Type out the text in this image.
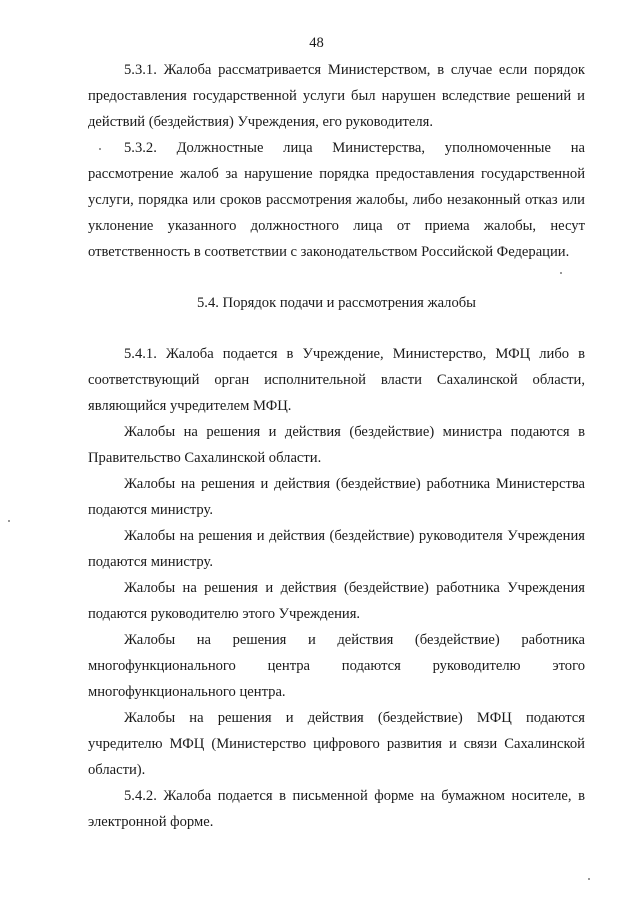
48

5.3.1. Жалоба рассматривается Министерством, в случае если порядок предоставления государственной услуги был нарушен вследствие решений и действий (бездействия) Учреждения, его руководителя.

5.3.2. Должностные лица Министерства, уполномоченные на рассмотрение жалоб за нарушение порядка предоставления государственной услуги, порядка или сроков рассмотрения жалобы, либо незаконный отказ или уклонение указанного должностного лица от приема жалобы, несут ответственность в соответствии с законодательством Российской Федерации.

5.4. Порядок подачи и рассмотрения жалобы

5.4.1. Жалоба подается в Учреждение, Министерство, МФЦ либо в соответствующий орган исполнительной власти Сахалинской области, являющийся учредителем МФЦ.

Жалобы на решения и действия (бездействие) министра подаются в Правительство Сахалинской области.

Жалобы на решения и действия (бездействие) работника Министерства подаются министру.

Жалобы на решения и действия (бездействие) руководителя Учреждения подаются министру.

Жалобы на решения и действия (бездействие) работника Учреждения подаются руководителю этого Учреждения.

Жалобы на решения и действия (бездействие) работника многофункционального центра подаются руководителю этого многофункционального центра.

Жалобы на решения и действия (бездействие) МФЦ подаются учредителю МФЦ (Министерство цифрового развития и связи Сахалинской области).

5.4.2. Жалоба подается в письменной форме на бумажном носителе, в электронной форме.
